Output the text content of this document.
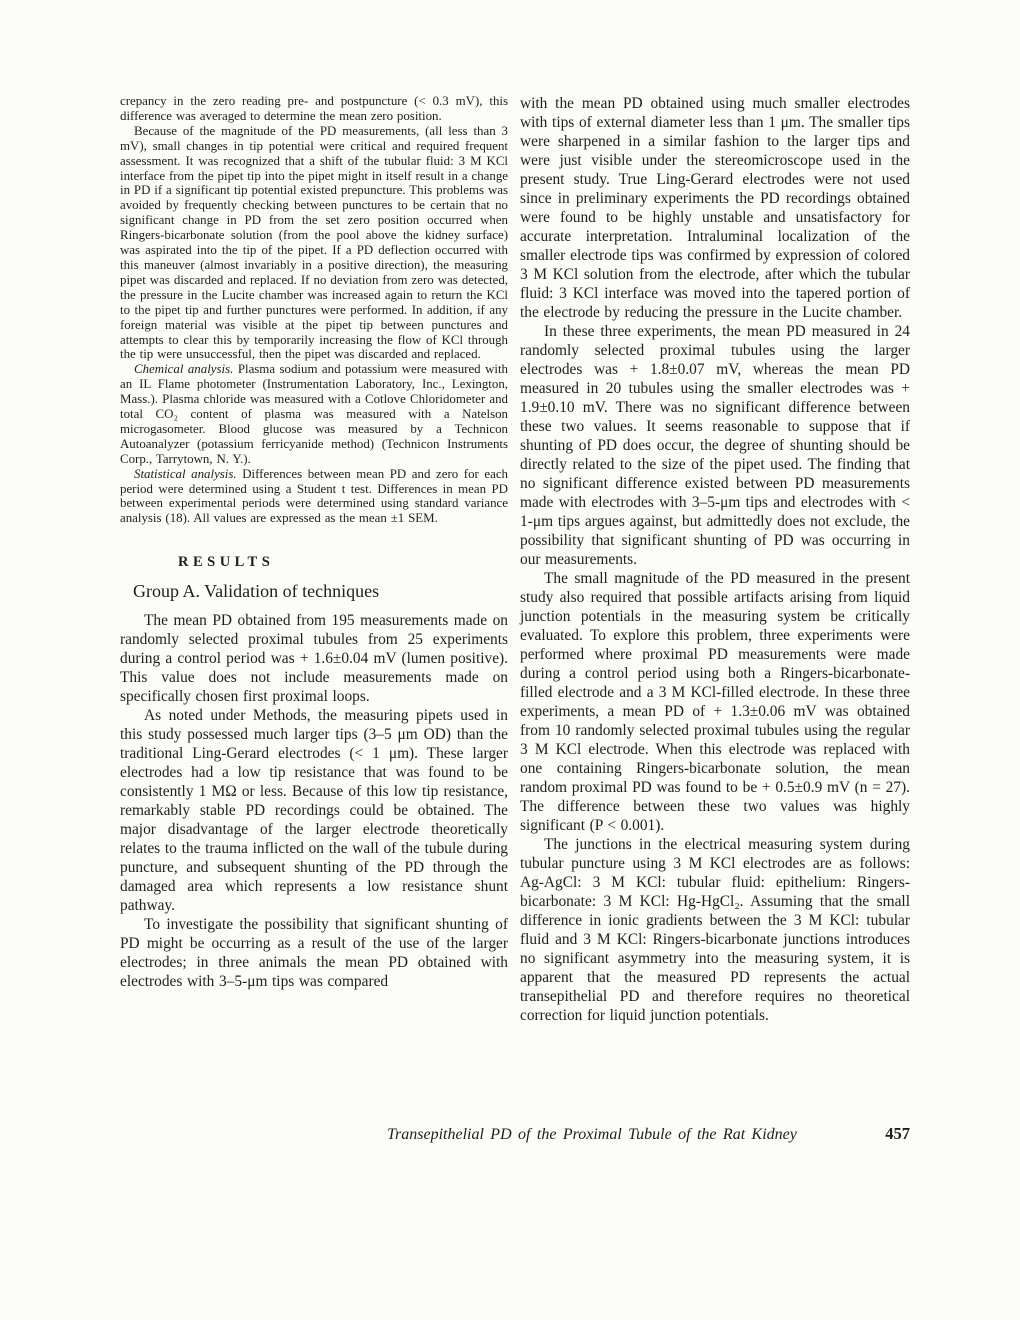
crepancy in the zero reading pre- and postpuncture (< 0.3 mV), this difference was averaged to determine the mean zero position.

Because of the magnitude of the PD measurements, (all less than 3 mV), small changes in tip potential were critical and required frequent assessment. It was recognized that a shift of the tubular fluid: 3 M KCl interface from the pipet tip into the pipet might in itself result in a change in PD if a significant tip potential existed prepuncture. This problems was avoided by frequently checking between punctures to be certain that no significant change in PD from the set zero position occurred when Ringers-bicarbonate solution (from the pool above the kidney surface) was aspirated into the tip of the pipet. If a PD deflection occurred with this maneuver (almost invariably in a positive direction), the measuring pipet was discarded and replaced. If no deviation from zero was detected, the pressure in the Lucite chamber was increased again to return the KCl to the pipet tip and further punctures were performed. In addition, if any foreign material was visible at the pipet tip between punctures and attempts to clear this by temporarily increasing the flow of KCl through the tip were unsuccessful, then the pipet was discarded and replaced.

Chemical analysis. Plasma sodium and potassium were measured with an IL Flame photometer (Instrumentation Laboratory, Inc., Lexington, Mass.). Plasma chloride was measured with a Cotlove Chloridometer and total CO₂ content of plasma was measured with a Natelson microgasometer. Blood glucose was measured by a Technicon Autoanalyzer (potassium ferricyanide method) (Technicon Instruments Corp., Tarrytown, N. Y.).

Statistical analysis. Differences between mean PD and zero for each period were determined using a Student t test. Differences in mean PD between experimental periods were determined using standard variance analysis (18). All values are expressed as the mean ±1 SEM.

RESULTS
Group A. Validation of techniques

The mean PD obtained from 195 measurements made on randomly selected proximal tubules from 25 experiments during a control period was + 1.6±0.04 mV (lumen positive). This value does not include measurements made on specifically chosen first proximal loops.

As noted under Methods, the measuring pipets used in this study possessed much larger tips (3–5 μm OD) than the traditional Ling-Gerard electrodes (< 1 μm). These larger electrodes had a low tip resistance that was found to be consistently 1 MΩ or less. Because of this low tip resistance, remarkably stable PD recordings could be obtained. The major disadvantage of the larger electrode theoretically relates to the trauma inflicted on the wall of the tubule during puncture, and subsequent shunting of the PD through the damaged area which represents a low resistance shunt pathway.

To investigate the possibility that significant shunting of PD might be occurring as a result of the use of the larger electrodes; in three animals the mean PD obtained with electrodes with 3–5-μm tips was compared

with the mean PD obtained using much smaller electrodes with tips of external diameter less than 1 μm. The smaller tips were sharpened in a similar fashion to the larger tips and were just visible under the stereomicroscope used in the present study. True Ling-Gerard electrodes were not used since in preliminary experiments the PD recordings obtained were found to be highly unstable and unsatisfactory for accurate interpretation. Intraluminal localization of the smaller electrode tips was confirmed by expression of colored 3 M KCl solution from the electrode, after which the tubular fluid: 3 KCl interface was moved into the tapered portion of the electrode by reducing the pressure in the Lucite chamber.

In these three experiments, the mean PD measured in 24 randomly selected proximal tubules using the larger electrodes was + 1.8±0.07 mV, whereas the mean PD measured in 20 tubules using the smaller electrodes was + 1.9±0.10 mV. There was no significant difference between these two values. It seems reasonable to suppose that if shunting of PD does occur, the degree of shunting should be directly related to the size of the pipet used. The finding that no significant difference existed between PD measurements made with electrodes with 3–5-μm tips and electrodes with < 1-μm tips argues against, but admittedly does not exclude, the possibility that significant shunting of PD was occurring in our measurements.

The small magnitude of the PD measured in the present study also required that possible artifacts arising from liquid junction potentials in the measuring system be critically evaluated. To explore this problem, three experiments were performed where proximal PD measurements were made during a control period using both a Ringers-bicarbonate-filled electrode and a 3 M KCl-filled electrode. In these three experiments, a mean PD of + 1.3±0.06 mV was obtained from 10 randomly selected proximal tubules using the regular 3 M KCl electrode. When this electrode was replaced with one containing Ringers-bicarbonate solution, the mean random proximal PD was found to be + 0.5±0.9 mV (n = 27). The difference between these two values was highly significant (P < 0.001).

The junctions in the electrical measuring system during tubular puncture using 3 M KCl electrodes are as follows: Ag-AgCl: 3 M KCl: tubular fluid: epithelium: Ringers-bicarbonate: 3 M KCl: Hg-HgCl₂. Assuming that the small difference in ionic gradients between the 3 M KCl: tubular fluid and 3 M KCl: Ringers-bicarbonate junctions introduces no significant asymmetry into the measuring system, it is apparent that the measured PD represents the actual transepithelial PD and therefore requires no theoretical correction for liquid junction potentials.

Transepithelial PD of the Proximal Tubule of the Rat Kidney	457
